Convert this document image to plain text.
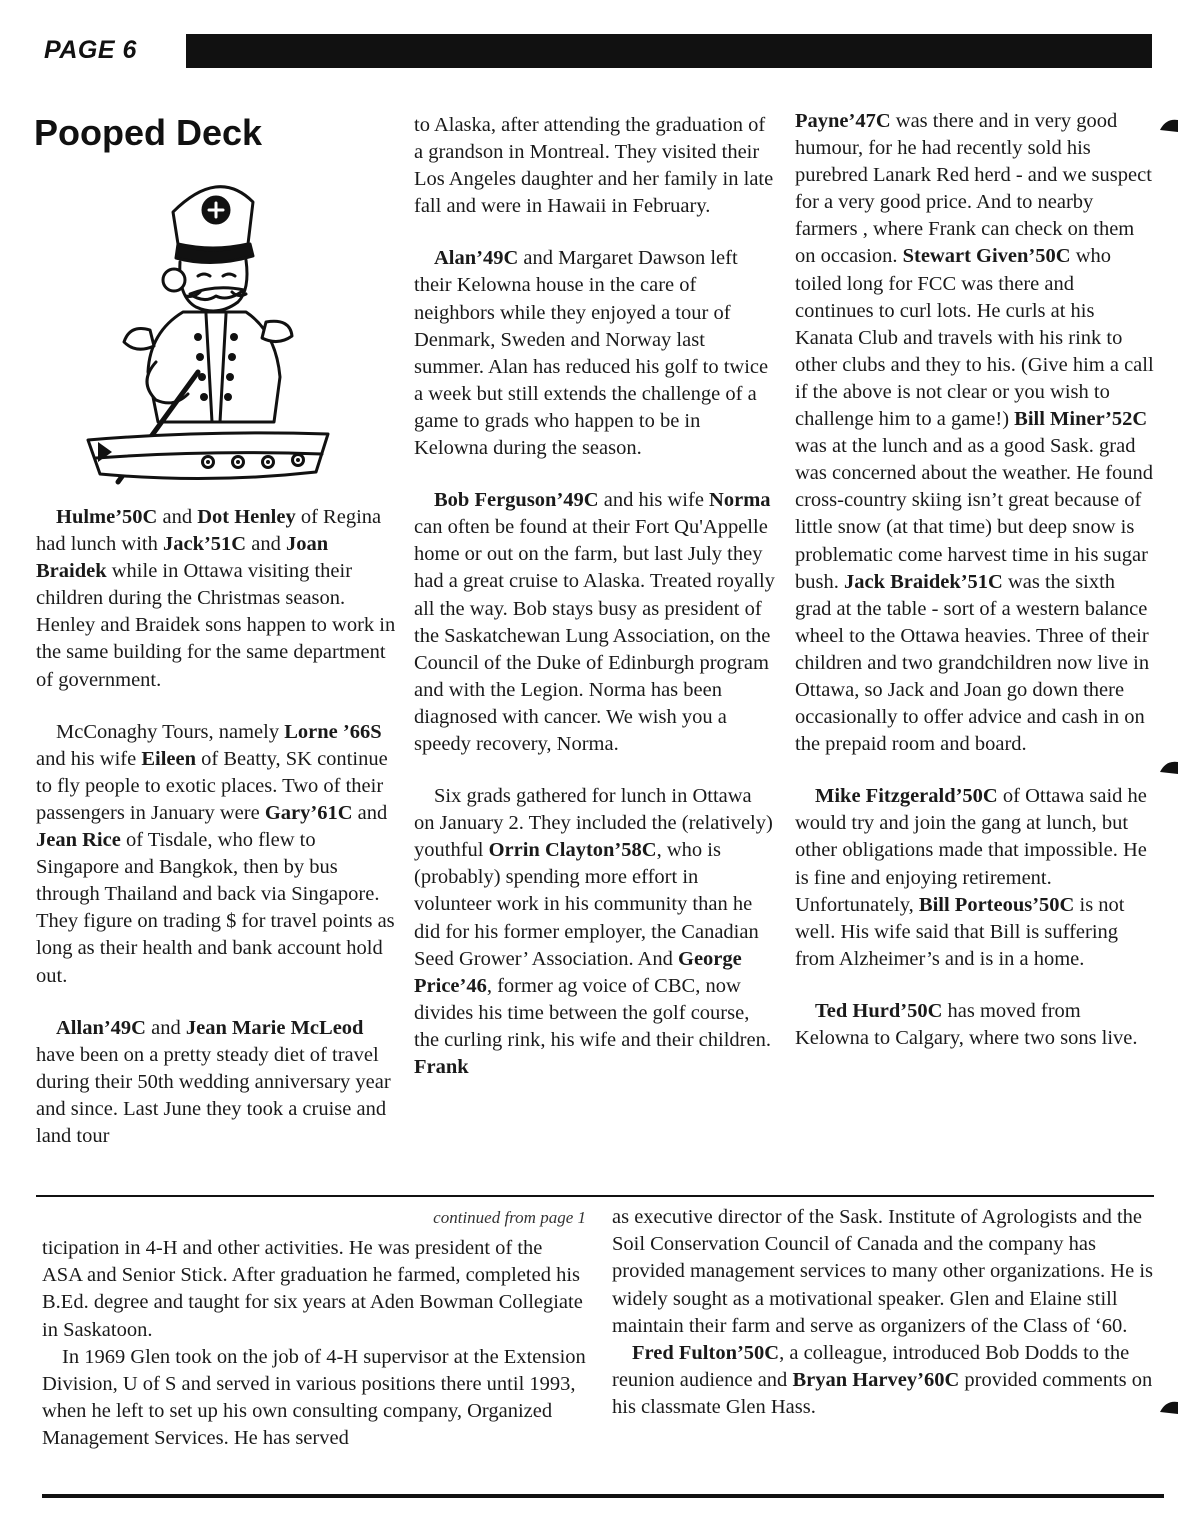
PAGE 6
Pooped Deck

Hulme’50C and Dot Henley of Regina had lunch with Jack’51C and Joan Braidek while in Ottawa visiting their children during the Christmas season. Henley and Braidek sons happen to work in the same building for the same department of government.

McConaghy Tours, namely Lorne ’66S and his wife Eileen of Beatty, SK continue to fly people to exotic places. Two of their passengers in January were Gary’61C and Jean Rice of Tisdale, who flew to Singapore and Bangkok, then by bus through Thailand and back via Singapore. They figure on trading $ for travel points as long as their health and bank account hold out.

Allan’49C and Jean Marie McLeod have been on a pretty steady diet of travel during their 50th wedding anniversary year and since. Last June they took a cruise and land tour

to Alaska, after attending the graduation of a grandson in Montreal. They visited their Los Angeles daughter and her family in late fall and were in Hawaii in February.

Alan’49C and Margaret Dawson left their Kelowna house in the care of neighbors while they enjoyed a tour of Denmark, Sweden and Norway last summer. Alan has reduced his golf to twice a week but still extends the challenge of a game to grads who happen to be in Kelowna during the season.

Bob Ferguson’49C and his wife Norma can often be found at their Fort Qu'Appelle home or out on the farm, but last July they had a great cruise to Alaska. Treated royally all the way. Bob stays busy as president of the Saskatchewan Lung Association, on the Council of the Duke of Edinburgh program and with the Legion. Norma has been diagnosed with cancer. We wish you a speedy recovery, Norma.

Six grads gathered for lunch in Ottawa on January 2. They included the (relatively) youthful Orrin Clayton’58C, who is (probably) spending more effort in volunteer work in his community than he did for his former employer, the Canadian Seed Grower’ Association. And George Price’46, former ag voice of CBC, now divides his time between the golf course, the curling rink, his wife and their children. Frank

Payne’47C was there and in very good humour, for he had recently sold his purebred Lanark Red herd - and we suspect for a very good price. And to nearby farmers , where Frank can check on them on occasion. Stewart Given’50C who toiled long for FCC was there and continues to curl lots. He curls at his Kanata Club and travels with his rink to other clubs and they to his. (Give him a call if the above is not clear or you wish to challenge him to a game!) Bill Miner’52C was at the lunch and as a good Sask. grad was concerned about the weather. He found cross-country skiing isn’t great because of little snow (at that time) but deep snow is problematic come harvest time in his sugar bush. Jack Braidek’51C was the sixth grad at the table - sort of a western balance wheel to the Ottawa heavies. Three of their children and two grandchildren now live in Ottawa, so Jack and Joan go down there occasionally to offer advice and cash in on the prepaid room and board.

Mike Fitzgerald’50C of Ottawa said he would try and join the gang at lunch, but other obligations made that impossible. He is fine and enjoying retirement. Unfortunately, Bill Porteous’50C is not well. His wife said that Bill is suffering from Alzheimer’s and is in a home.

Ted Hurd’50C has moved from Kelowna to Calgary, where two sons live.

continued from page 1

ticipation in 4-H and other activities. He was president of the ASA and Senior Stick. After graduation he farmed, completed his B.Ed. degree and taught for six years at Aden Bowman Collegiate in Saskatoon.

In 1969 Glen took on the job of 4-H supervisor at the Extension Division, U of S and served in various positions there until 1993, when he left to set up his own consulting company, Organized Management Services. He has served

as executive director of the Sask. Institute of Agrologists and the Soil Conservation Council of Canada and the company has provided management services to many other organizations. He is widely sought as a motivational speaker. Glen and Elaine still maintain their farm and serve as organizers of the Class of ‘60.

Fred Fulton’50C, a colleague, introduced Bob Dodds to the reunion audience and Bryan Harvey’60C provided comments on his classmate Glen Hass.
